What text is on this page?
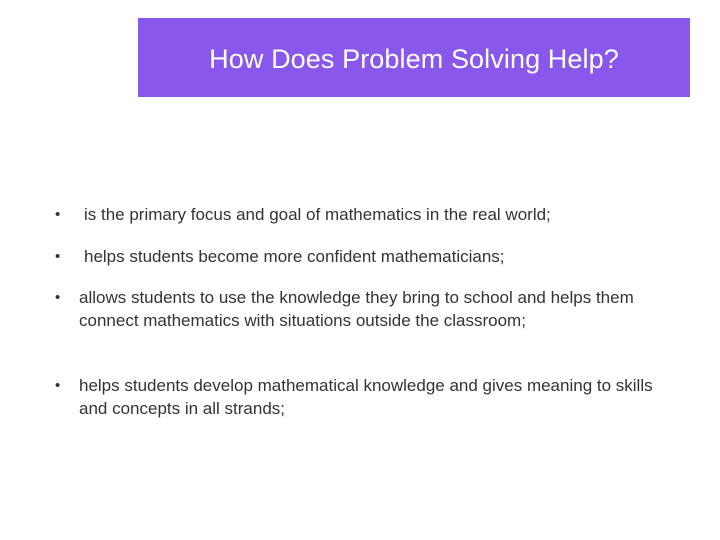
How Does Problem Solving Help?
•	is the primary focus and goal of mathematics in the real world;
•	helps students become more confident mathematicians;
•	allows students to use the knowledge they bring to school and helps them connect mathematics with situations outside the classroom;
•	helps students develop mathematical knowledge and gives meaning to skills and concepts in all strands;
